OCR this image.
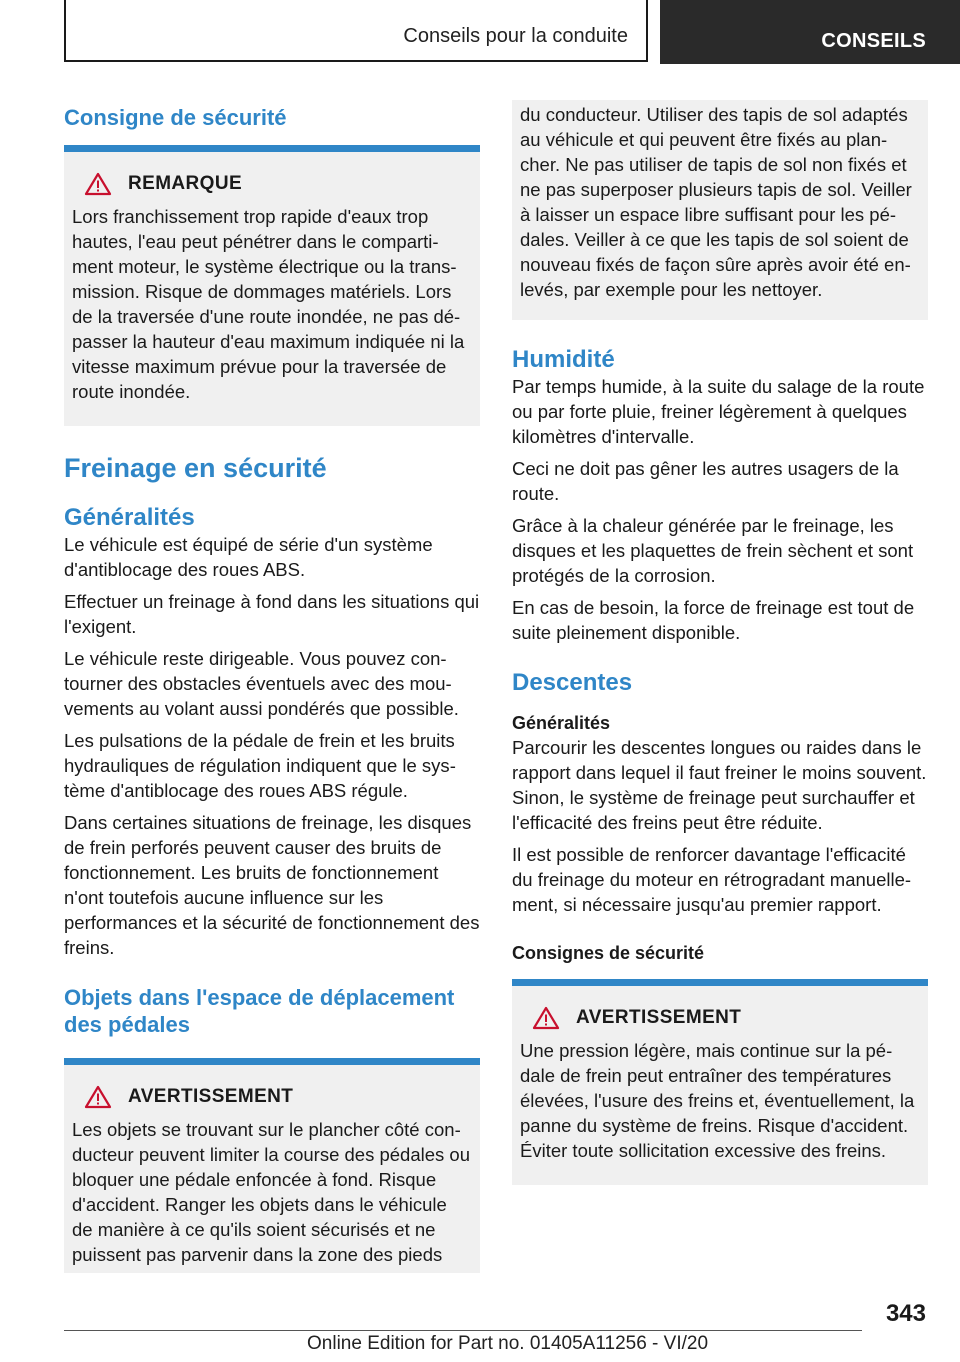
Conseils pour la conduite	CONSEILS
Consigne de sécurité
REMARQUE

Lors franchissement trop rapide d'eaux trop hautes, l'eau peut pénétrer dans le compartiment moteur, le système électrique ou la transmission. Risque de dommages matériels. Lors de la traversée d'une route inondée, ne pas dépasser la hauteur d'eau maximum indiquée ni la vitesse maximum prévue pour la traversée de route inondée.

Freinage en sécurité
Généralités

Le véhicule est équipé de série d'un système d'antiblocage des roues ABS.

Effectuer un freinage à fond dans les situations qui l'exigent.

Le véhicule reste dirigeable. Vous pouvez contourner des obstacles éventuels avec des mouvements au volant aussi pondérés que possible.

Les pulsations de la pédale de frein et les bruits hydrauliques de régulation indiquent que le système d'antiblocage des roues ABS régule.

Dans certaines situations de freinage, les disques de frein perforés peuvent causer des bruits de fonctionnement. Les bruits de fonctionnement n'ont toutefois aucune influence sur les performances et la sécurité de fonctionnement des freins.

Objets dans l'espace de déplacement des pédales
AVERTISSEMENT

Les objets se trouvant sur le plancher côté conducteur peuvent limiter la course des pédales ou bloquer une pédale enfoncée à fond. Risque d'accident. Ranger les objets dans le véhicule de manière à ce qu'ils soient sécurisés et ne puissent pas parvenir dans la zone des pieds

du conducteur. Utiliser des tapis de sol adaptés au véhicule et qui peuvent être fixés au plancher. Ne pas utiliser de tapis de sol non fixés et ne pas superposer plusieurs tapis de sol. Veiller à laisser un espace libre suffisant pour les pédales. Veiller à ce que les tapis de sol soient de nouveau fixés de façon sûre après avoir été enlevés, par exemple pour les nettoyer.

Humidité

Par temps humide, à la suite du salage de la route ou par forte pluie, freiner légèrement à quelques kilomètres d'intervalle.

Ceci ne doit pas gêner les autres usagers de la route.

Grâce à la chaleur générée par le freinage, les disques et les plaquettes de frein sèchent et sont protégés de la corrosion.

En cas de besoin, la force de freinage est tout de suite pleinement disponible.

Descentes
Généralités

Parcourir les descentes longues ou raides dans le rapport dans lequel il faut freiner le moins souvent. Sinon, le système de freinage peut surchauffer et l'efficacité des freins peut être réduite.

Il est possible de renforcer davantage l'efficacité du freinage du moteur en rétrogradant manuellement, si nécessaire jusqu'au premier rapport.

Consignes de sécurité
AVERTISSEMENT

Une pression légère, mais continue sur la pédale de frein peut entraîner des températures élevées, l'usure des freins et, éventuellement, la panne du système de freins. Risque d'accident. Éviter toute sollicitation excessive des freins.

343
Online Edition for Part no. 01405A11256 - VI/20
